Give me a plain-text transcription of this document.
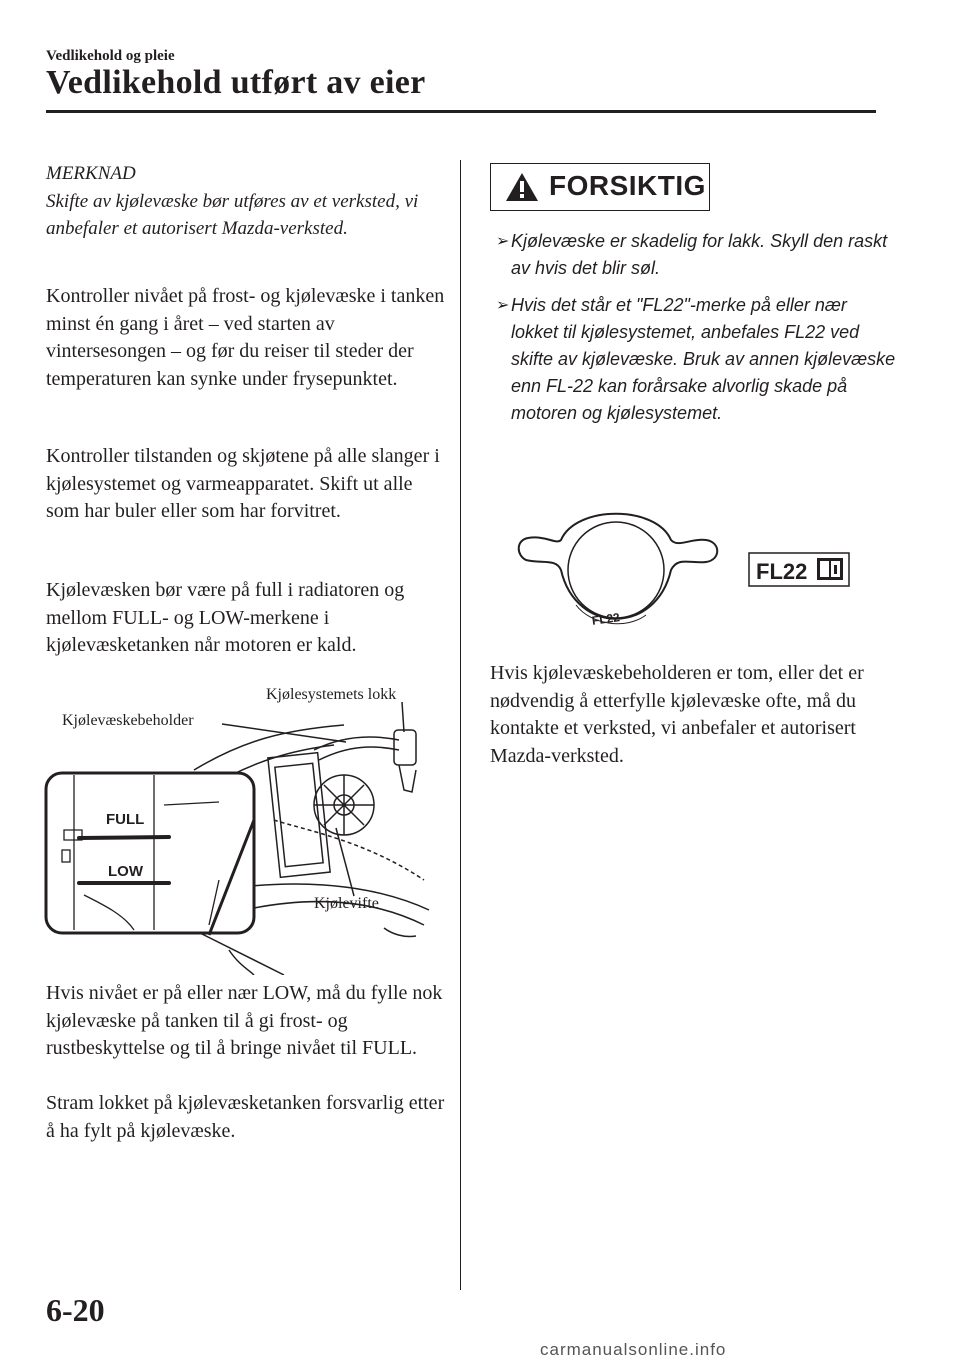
Vedlikehold og pleie
Vedlikehold utført av eier
MERKNAD
Skifte av kjølevæske bør utføres av et verksted, vi anbefaler et autorisert Mazda-verksted.
Kontroller nivået på frost- og kjølevæske i tanken minst én gang i året – ved starten av vintersesongen – og før du reiser til steder der temperaturen kan synke under frysepunktet.
Kontroller tilstanden og skjøtene på alle slanger i kjølesystemet og varmeapparatet. Skift ut alle som har buler eller som har forvitret.
Kjølevæsken bør være på full i radiatoren og mellom FULL- og LOW-merkene i kjølevæsketanken når motoren er kald.
FULL
LOW
Kjølesystemets lokk
Kjølevæskebeholder
Kjølevifte
Hvis nivået er på eller nær LOW, må du fylle nok kjølevæske på tanken til å gi frost- og rustbeskyttelse og til å bringe nivået til FULL.
Stram lokket på kjølevæsketanken forsvarlig etter å ha fylt på kjølevæske.
FORSIKTIG
➢ Kjølevæske er skadelig for lakk. Skyll den raskt av hvis det blir søl.
➢ Hvis det står et "FL22"-merke på eller nær lokket til kjølesystemet, anbefales FL22 ved skifte av kjølevæske. Bruk av annen kjølevæske enn FL-22 kan forårsake alvorlig skade på motoren og kjølesystemet.
FL22
FL22
Hvis kjølevæskebeholderen er tom, eller det er nødvendig å etterfylle kjølevæske ofte, må du kontakte et verksted, vi anbefaler et autorisert Mazda-verksted.
6-20
carmanualsonline.info
